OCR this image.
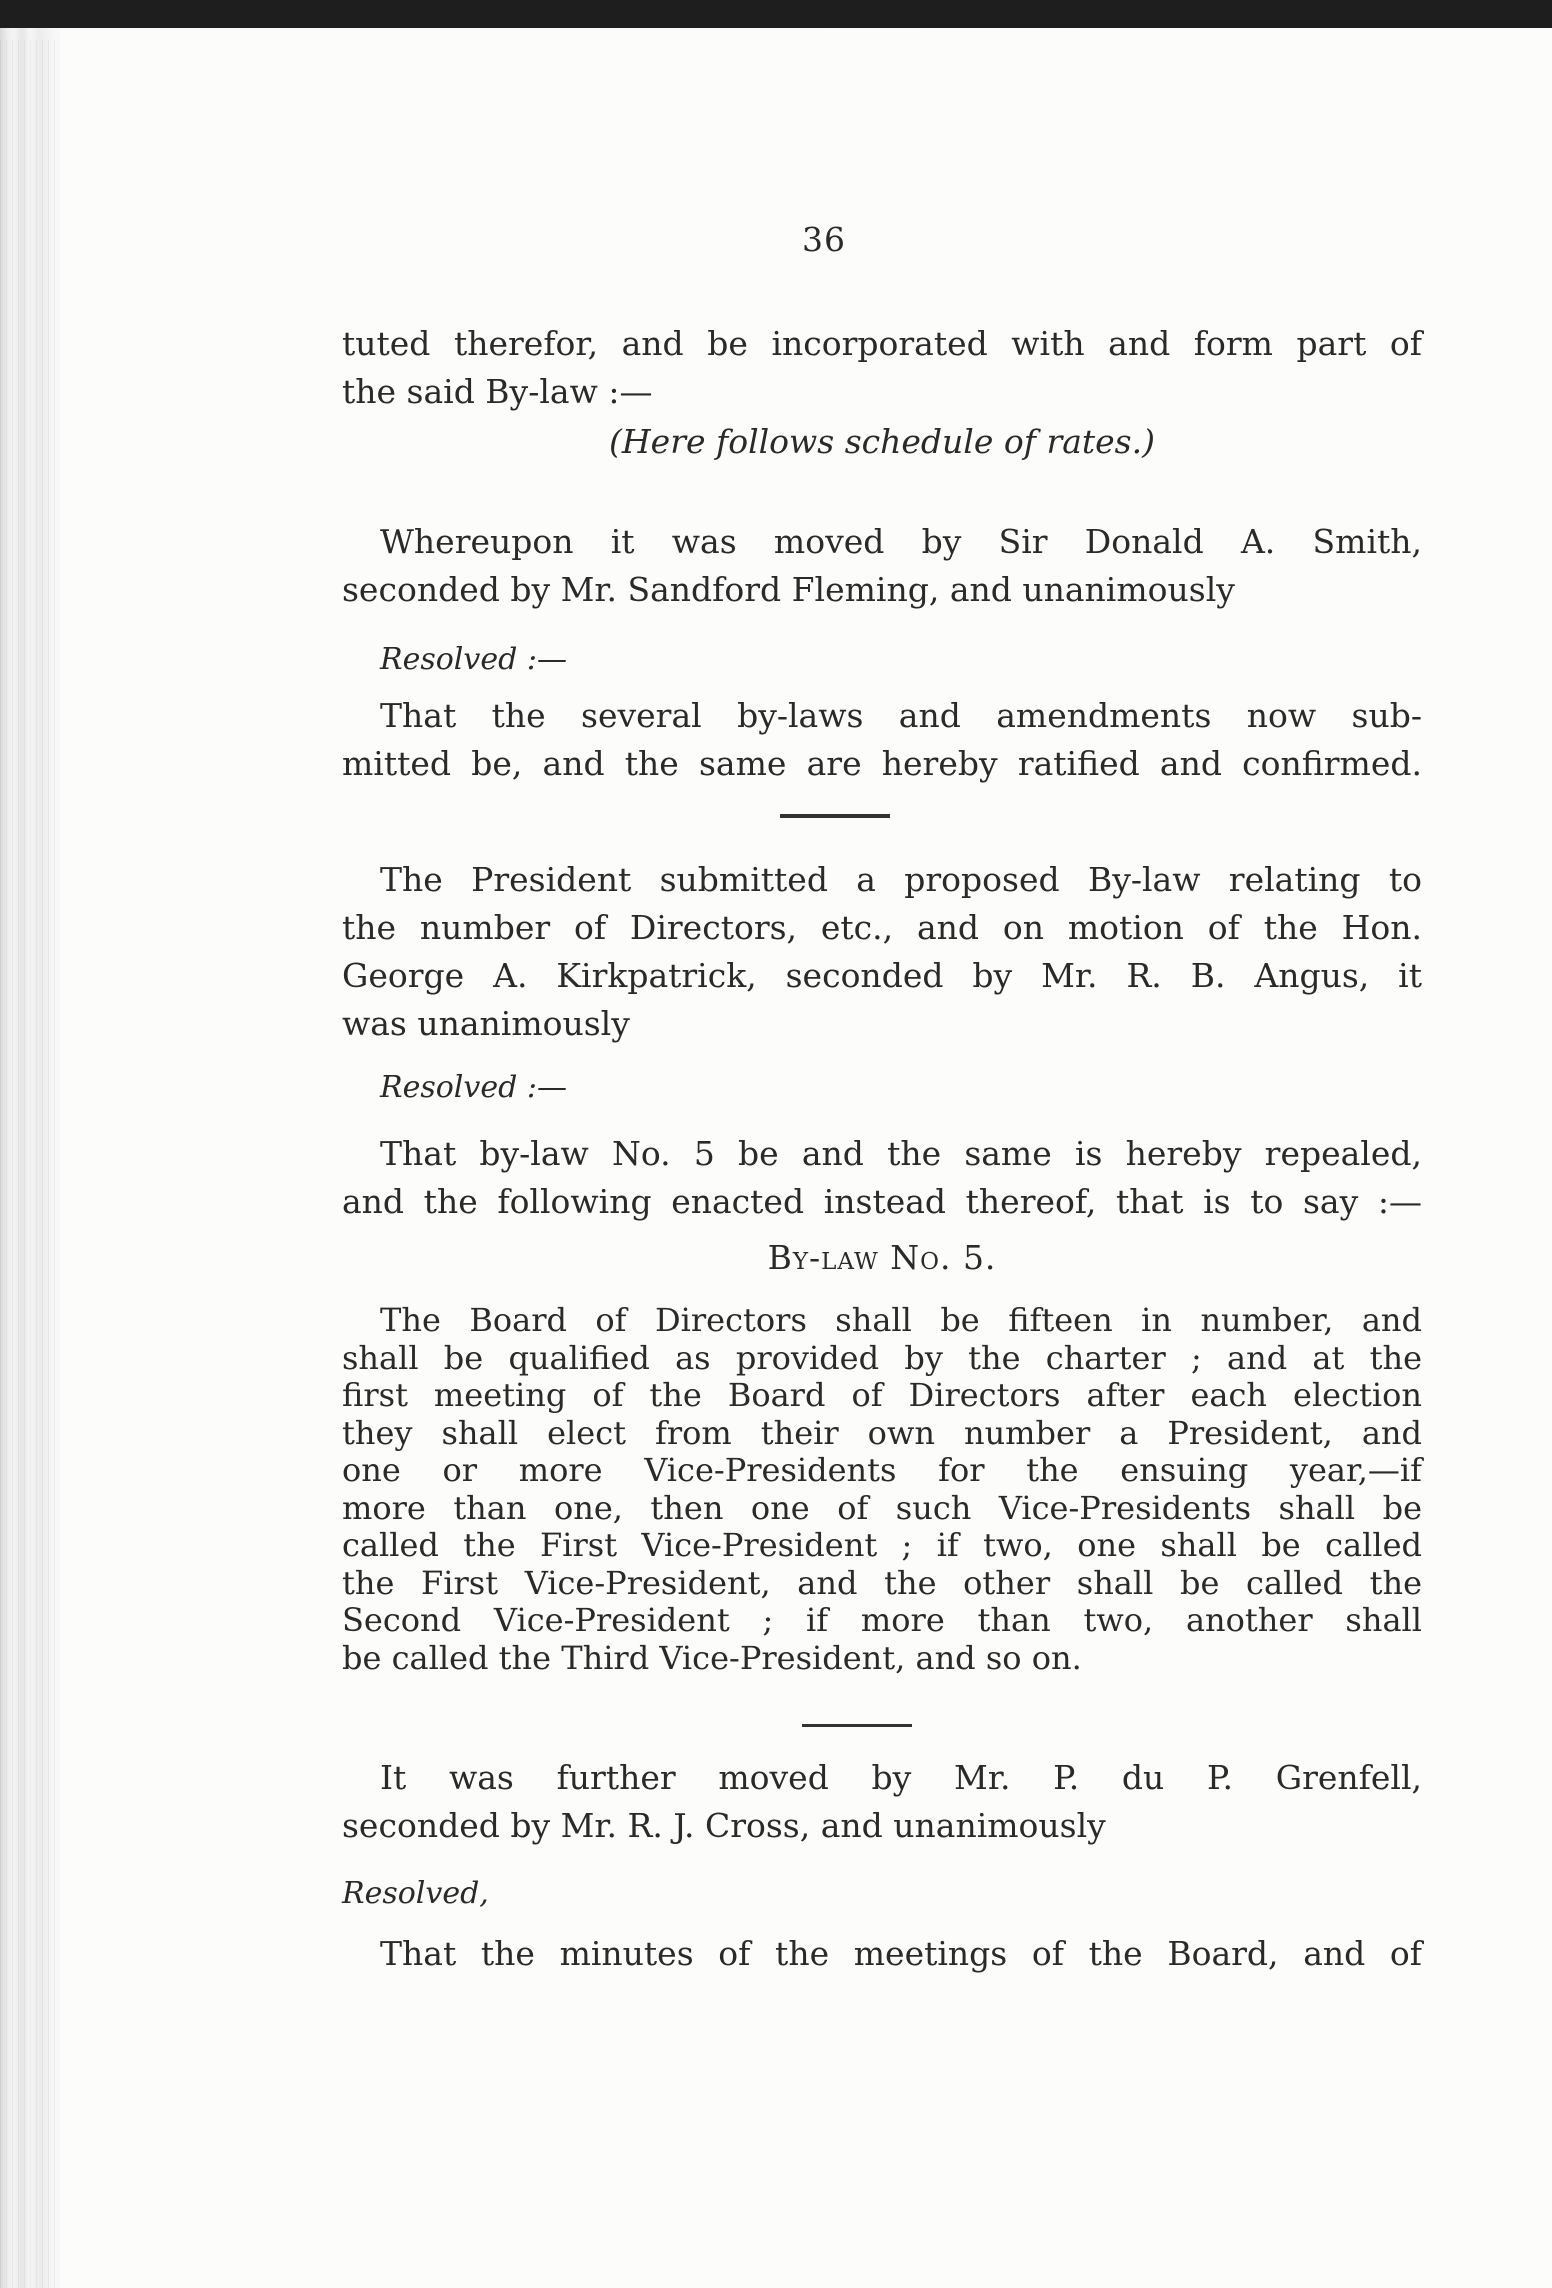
36
tuted therefor, and be incorporated with and form part of
the said By-law :—
(Here follows schedule of rates.)
Whereupon it was moved by Sir Donald A. Smith,
seconded by Mr. Sandford Fleming, and unanimously
Resolved :—
That the several by-laws and amendments now sub-
mitted be, and the same are hereby ratified and confirmed.
The President submitted a proposed By-law relating to
the number of Directors, etc., and on motion of the Hon.
George A. Kirkpatrick, seconded by Mr. R. B. Angus, it
was unanimously
Resolved :—
That by-law No. 5 be and the same is hereby repealed,
and the following enacted instead thereof, that is to say :—
By-law No. 5.
The Board of Directors shall be fifteen in number, and
shall be qualified as provided by the charter ; and at the
first meeting of the Board of Directors after each election
they shall elect from their own number a President, and
one or more Vice-Presidents for the ensuing year,—if
more than one, then one of such Vice-Presidents shall be
called the First Vice-President ; if two, one shall be called
the First Vice-President, and the other shall be called the
Second Vice-President ; if more than two, another shall
be called the Third Vice-President, and so on.
It was further moved by Mr. P. du P. Grenfell,
seconded by Mr. R. J. Cross, and unanimously
Resolved,
That the minutes of the meetings of the Board, and of
